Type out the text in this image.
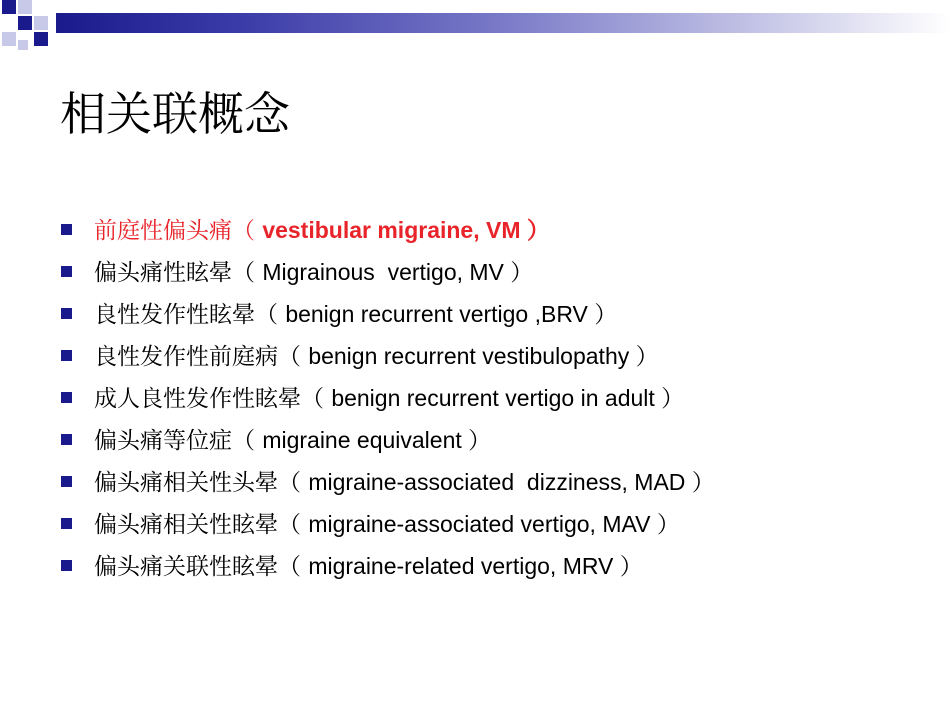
相关联概念
前庭性偏头痛（ vestibular migraine, VM ）
偏头痛性眩晕（ Migrainous  vertigo, MV ）
良性发作性眩晕（ benign recurrent vertigo ,BRV ）
良性发作性前庭病（ benign recurrent vestibulopathy ）
成人良性发作性眩晕（ benign recurrent vertigo in adult ）
偏头痛等位症（ migraine equivalent ）
偏头痛相关性头晕（ migraine-associated  dizziness, MAD ）
偏头痛相关性眩晕（ migraine-associated vertigo, MAV ）
偏头痛关联性眩晕（ migraine-related vertigo, MRV ）
